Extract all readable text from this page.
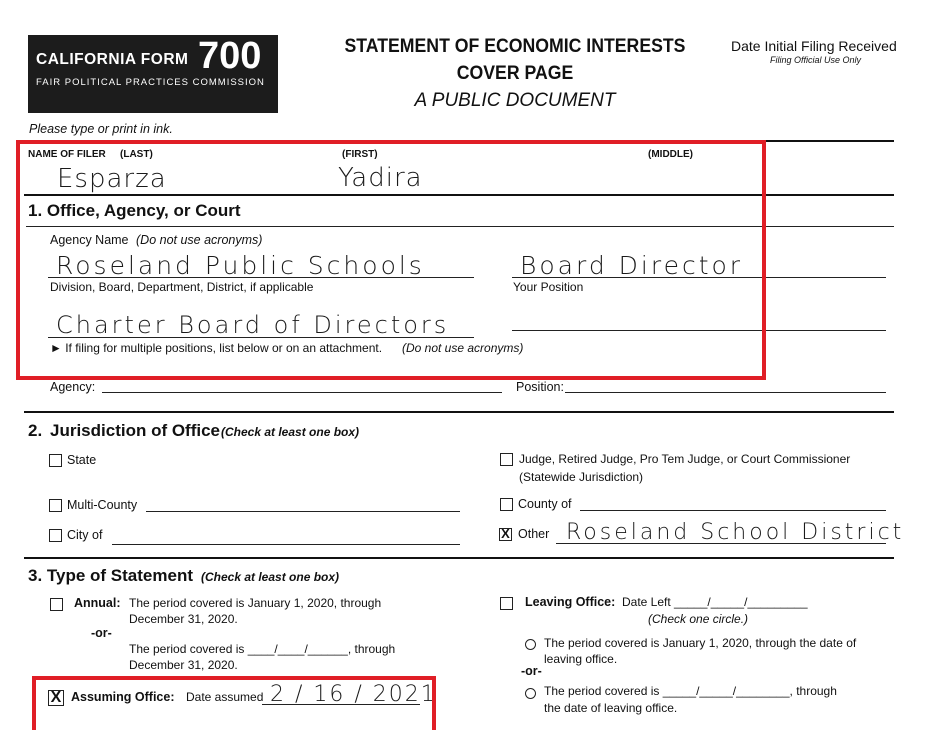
CALIFORNIA FORM 700
FAIR POLITICAL PRACTICES COMMISSION
STATEMENT OF ECONOMIC INTERESTS
COVER PAGE
A PUBLIC DOCUMENT
Date Initial Filing Received
Filing Official Use Only
Please type or print in ink.
NAME OF FILER (LAST)	(FIRST)	(MIDDLE)
Esparza	Yadira
1. Office, Agency, or Court
Agency Name (Do not use acronyms)
Roseland Public Schools	Board Director
Division, Board, Department, District, if applicable	Your Position
Charter Board of Directors
► If filing for multiple positions, list below or on an attachment. (Do not use acronyms)
Agency:	Position:
2. Jurisdiction of Office (Check at least one box)
State	Judge, Retired Judge, Pro Tem Judge, or Court Commissioner
(Statewide Jurisdiction)
Multi-County	County of
City of	X Other Roseland School District
3. Type of Statement (Check at least one box)
Annual: The period covered is January 1, 2020, through
December 31, 2020.
-or-
The period covered is ____/____/______, through
December 31, 2020.
Leaving Office: Date Left _____/_____/_________
(Check one circle.)
The period covered is January 1, 2020, through the date of
leaving office.
-or-
The period covered is _____/_____/________, through
the date of leaving office.
X Assuming Office: Date assumed 2 / 16 / 2021
